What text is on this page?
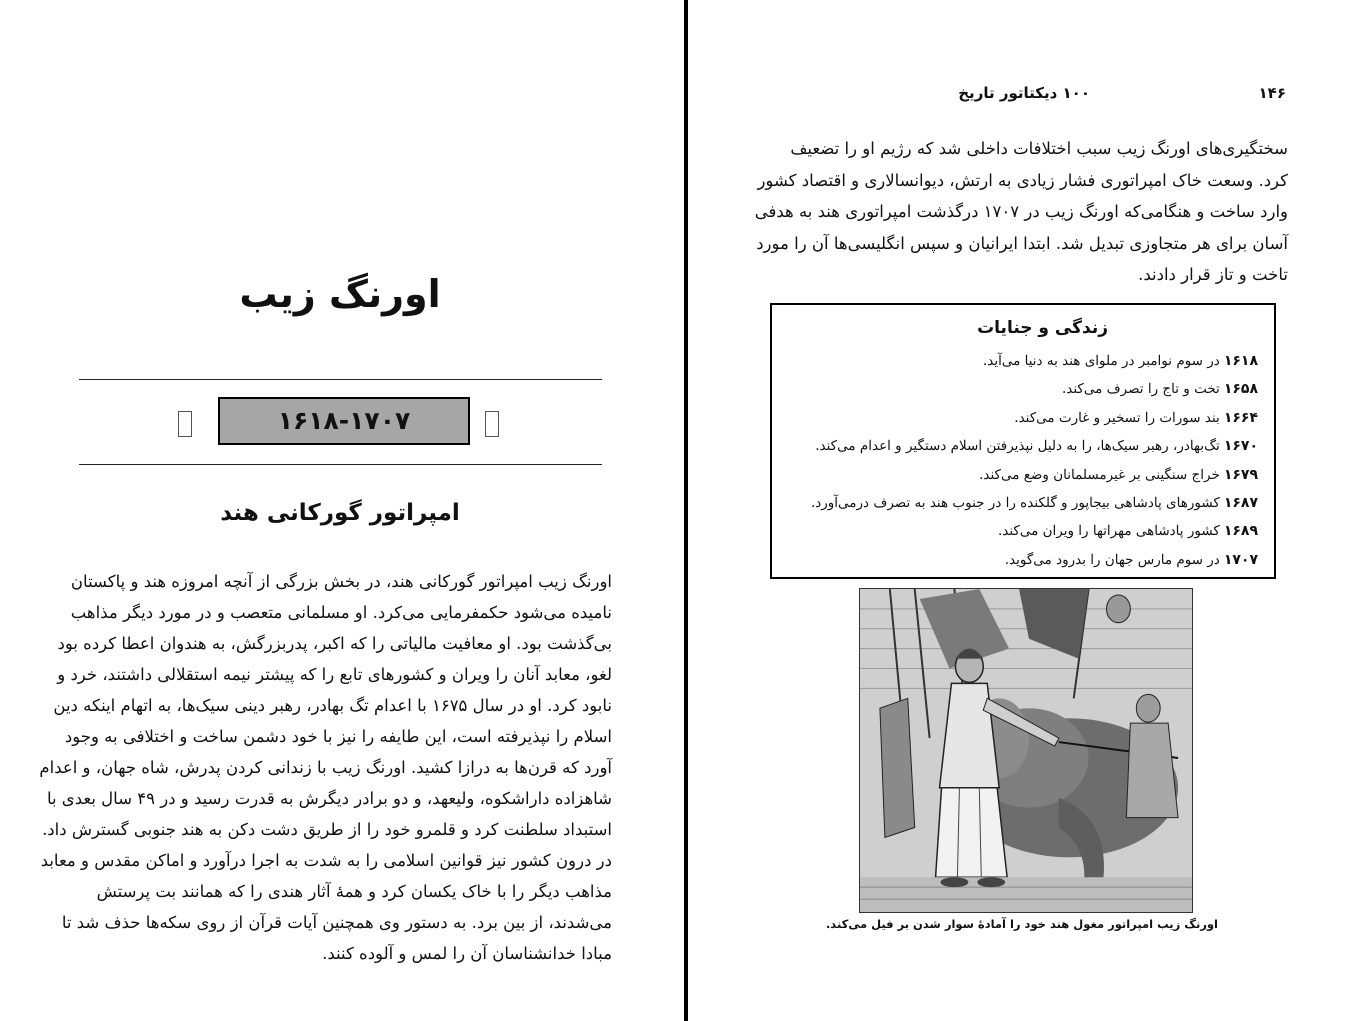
اورنگ زیب
۱۶۱۸-۱۷۰۷
امپراتور گورکانی هند

اورنگ زیب امپراتور گورکانی هند، در بخش بزرگی از آنچه امروزه هند و پاکستان
نامیده می‌شود حکمفرمایی می‌کرد. او مسلمانی متعصب و در مورد دیگر مذاهب
بی‌گذشت بود. او معافیت مالیاتی را که اکبر، پدربزرگش، به هندوان اعطا کرده بود
لغو، معابد آنان را ویران و کشورهای تابع را که پیشتر نیمه استقلالی داشتند، خرد و
نابود کرد. او در سال ۱۶۷۵ با اعدام تگ بهادر، رهبر دینی سیک‌ها، به اتهام اینکه دین
اسلام را نپذیرفته است، این طایفه را نیز با خود دشمن ساخت و اختلافی به وجود
آورد که قرن‌ها به درازا کشید. اورنگ زیب با زندانی کردن پدرش، شاه جهان، و اعدام
شاهزاده داراشکوه، ولیعهد، و دو برادر دیگرش به قدرت رسید و در ۴۹ سال بعدی با
استبداد سلطنت کرد و قلمرو خود را از طریق دشت دکن به هند جنوبی گسترش داد.
در درون کشور نیز قوانین اسلامی را به شدت به اجرا درآورد و اماکن مقدس و معابد
مذاهب دیگر را با خاک یکسان کرد و همهٔ آثار هندی را که همانند بت پرستش
می‌شدند، از بین برد. به دستور وی همچنین آیات قرآن از روی سکه‌ها حذف شد تا
مبادا خدانشناسان آن را لمس و آلوده کنند.

۱۴۶
۱۰۰ دیکتاتور تاریخ

سختگیری‌های اورنگ زیب سبب اختلافات داخلی شد که رژیم او را تضعیف
کرد. وسعت خاک امپراتوری فشار زیادی به ارتش، دیوانسالاری و اقتصاد کشور
وارد ساخت و هنگامی‌که اورنگ زیب در ۱۷۰۷ درگذشت امپراتوری هند به هدفی
آسان برای هر متجاوزی تبدیل شد. ابتدا ایرانیان و سپس انگلیسی‌ها آن را مورد
تاخت و تاز قرار دادند.

زندگی و جنایات
۱۶۱۸در سوم نوامبر در ملوای هند به دنیا می‌آید.
۱۶۵۸تخت و تاج را تصرف می‌کند.
۱۶۶۴بند سورات را تسخیر و غارت می‌کند.
۱۶۷۰تگ‌بهادر، رهبر سیک‌ها، را به دلیل نپذیرفتن اسلام دستگیر و اعدام می‌کند.
۱۶۷۹خراج سنگینی بر غیرمسلمانان وضع می‌کند.
۱۶۸۷کشورهای پادشاهی بیجاپور و گلکنده را در جنوب هند به تصرف درمی‌آورد.
۱۶۸۹کشور پادشاهی مهراتها را ویران می‌کند.
۱۷۰۷در سوم مارس جهان را بدرود می‌گوید.

اورنگ زیب امپراتور مغول هند خود را آمادهٔ سوار شدن بر فیل می‌کند.
